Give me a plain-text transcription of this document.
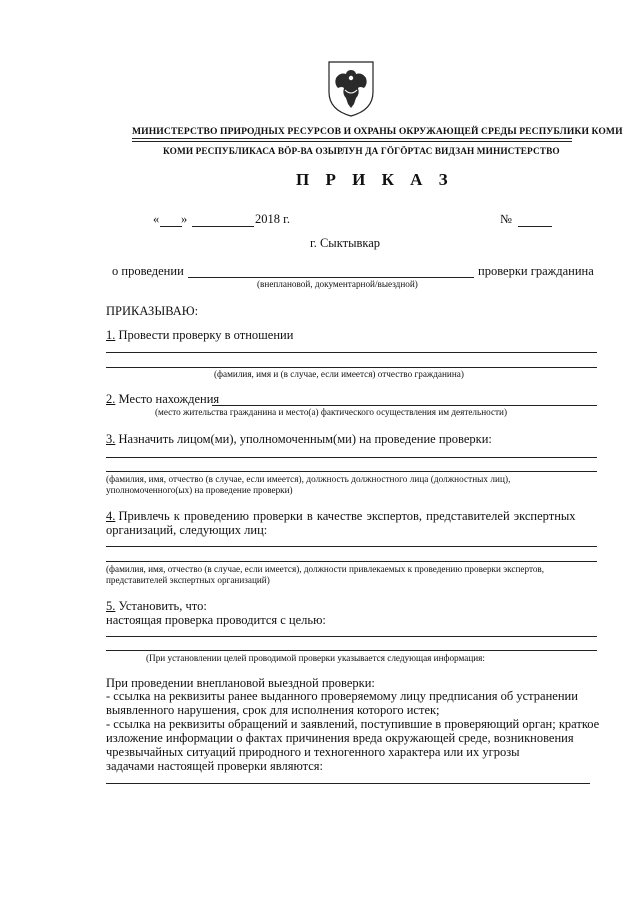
МИНИСТЕРСТВО ПРИРОДНЫХ РЕСУРСОВ И ОХРАНЫ ОКРУЖАЮЩЕЙ СРЕДЫ РЕСПУБЛИКИ КОМИ
КОМИ РЕСПУБЛИКАСА ВÖР-ВА ОЗЫРЛУН ДА ГÖГÖРТАС ВИДЗАН МИНИСТЕРСТВО
П Р И К А З
« »	2018 г.	№
г. Сыктывкар
о проведении	проверки гражданина
(внеплановой, документарной/выездной)
ПРИКАЗЫВАЮ:
1. Провести проверку в отношении
(фамилия, имя и (в случае, если имеется) отчество гражданина)
2. Место нахождения
(место жительства гражданина и место(а) фактического осуществления им деятельности)
3. Назначить лицом(ми), уполномоченным(ми) на проведение проверки:
(фамилия, имя, отчество (в случае, если имеется), должность должностного лица (должностных лиц),
уполномоченного(ых) на проведение проверки)
4. Привлечь к проведению проверки в качестве экспертов, представителей экспертных
организаций, следующих лиц:
(фамилия, имя, отчество (в случае, если имеется), должности привлекаемых к проведению проверки экспертов,
представителей экспертных организаций)
5. Установить, что:
настоящая проверка проводится с целью:
(При установлении целей проводимой проверки указывается следующая информация:
При проведении внеплановой выездной проверки:
- ссылка на реквизиты ранее выданного проверяемому лицу предписания об устранении
выявленного нарушения, срок для исполнения которого истек;
- ссылка на реквизиты обращений и заявлений, поступившие в проверяющий орган; краткое
изложение информации о фактах причинения вреда окружающей среде, возникновения
чрезвычайных ситуаций природного и техногенного характера или их угрозы
задачами настоящей проверки являются:
